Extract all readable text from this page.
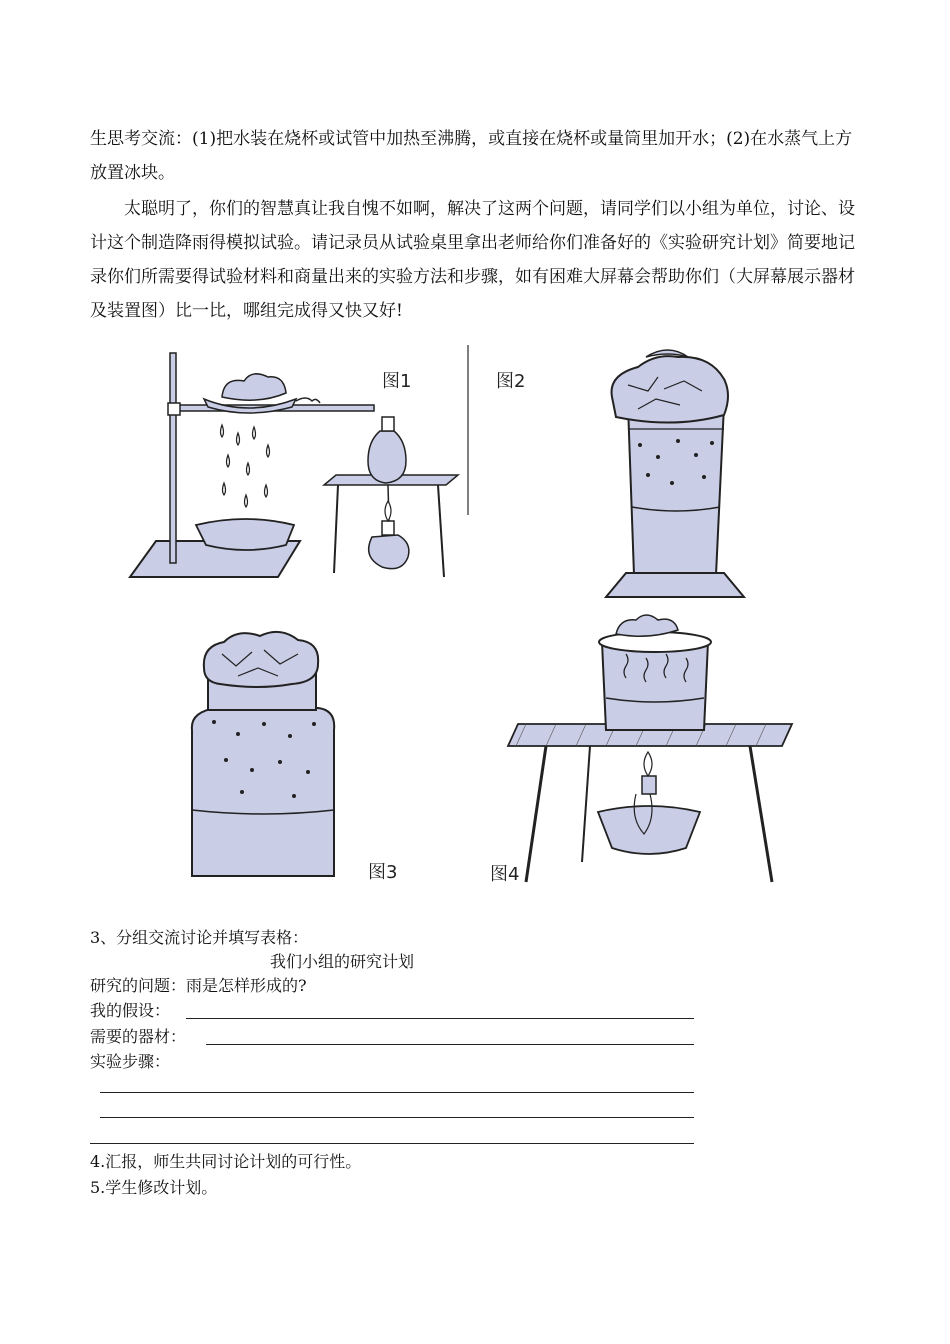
生思考交流：(1)把水装在烧杯或试管中加热至沸腾，或直接在烧杯或量筒里加开水；(2)在水蒸气上方放置冰块。

太聪明了，你们的智慧真让我自愧不如啊，解决了这两个问题，请同学们以小组为单位，讨论、设计这个制造降雨得模拟试验。请记录员从试验桌里拿出老师给你们准备好的《实验研究计划》简要地记录你们所需要得试验材料和商量出来的实验方法和步骤，如有困难大屏幕会帮助你们（大屏幕展示器材及装置图）比一比，哪组完成得又快又好!

图1	图2
图3	图4
3、分组交流讨论并填写表格：
我们小组的研究计划
研究的问题：雨是怎样形成的?
我的假设：
需要的器材：
实验步骤：
4.汇报，师生共同讨论计划的可行性。
5.学生修改计划。
